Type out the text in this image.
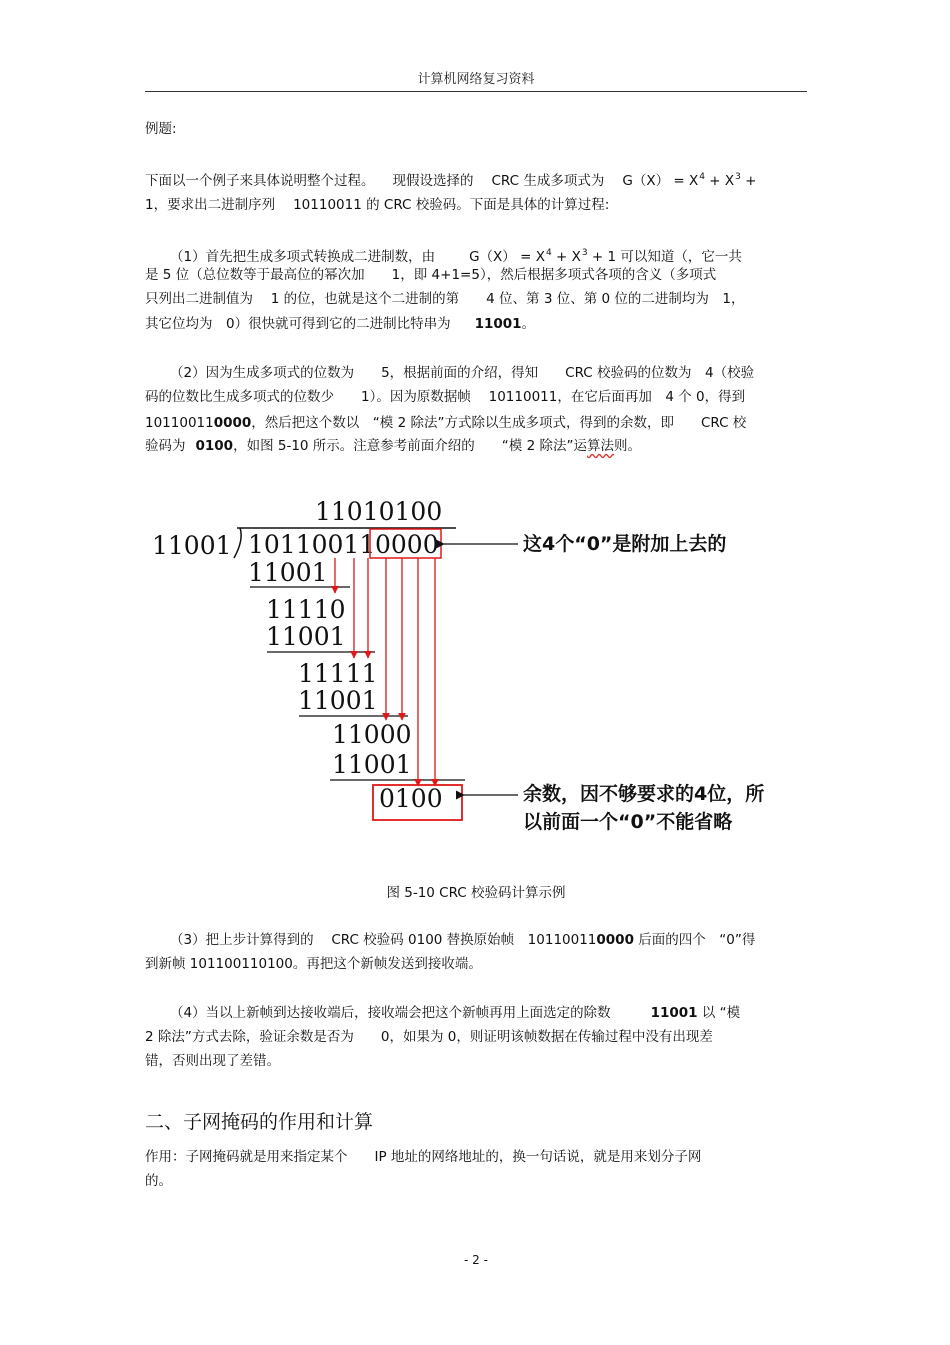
计算机网络复习资料
例题:
下面以一个例子来具体说明整个过程。 现假设选择的 CRC 生成多项式为 $G(X) = X^4 + X^3$ +
1，要求出二进制序列 10110011 的 CRC 校验码。下面是具体的计算过程:
（1）首先把生成多项式转换成二进制数，由	$G(X) = X^4 + X^3 + 1$ 可以知道（，它一共
是 5 位（总位数等于最高位的幂次加　　1，即 4+1=5），然后根据多项式各项的含义（多项式
只列出二进制值为　 1 的位，也就是这个二进制的第　　4 位、第 3 位、第 0 位的二进制均为　1，
其它位均为　0）很快就可得到它的二进制比特串为 11001。
（2）因为生成多项式的位数为　　5，根据前面的介绍，得知　　CRC 校验码的位数为　4（校验
码的位数比生成多项式的位数少　　1）。因为原数据帧　 10110011，在它后面再加　4 个 0，得到
101100110000，然后把这个数以　“模 2 除法”方式除以生成多项式，得到的余数，即　　CRC 校
验码为 0100，如图 5-10 所示。注意参考前面介绍的　　“模 2 除法”运算法则。
11010100
11001 10110011 0000	这4个“0”是附加上去的
11001
11110
11001
11111
11001
11000
11001
0100	余数，因不够要求的4位，所
以前面一个“0”不能省略
图 5-10 CRC 校验码计算示例
（3）把上步计算得到的　 CRC 校验码 0100 替换原始帧　101100110000 后面的四个　“0”得
到新帧 101100110100。再把这个新帧发送到接收端。
（4）当以上新帧到达接收端后，接收端会把这个新帧再用上面选定的除数	11001 以 “模
2 除法”方式去除，验证余数是否为　　0，如果为 0，则证明该帧数据在传输过程中没有出现差
错，否则出现了差错。
二、子网掩码的作用和计算
作用：子网掩码就是用来指定某个　　IP 地址的网络地址的，换一句话说，就是用来划分子网
的。
- 2 -
